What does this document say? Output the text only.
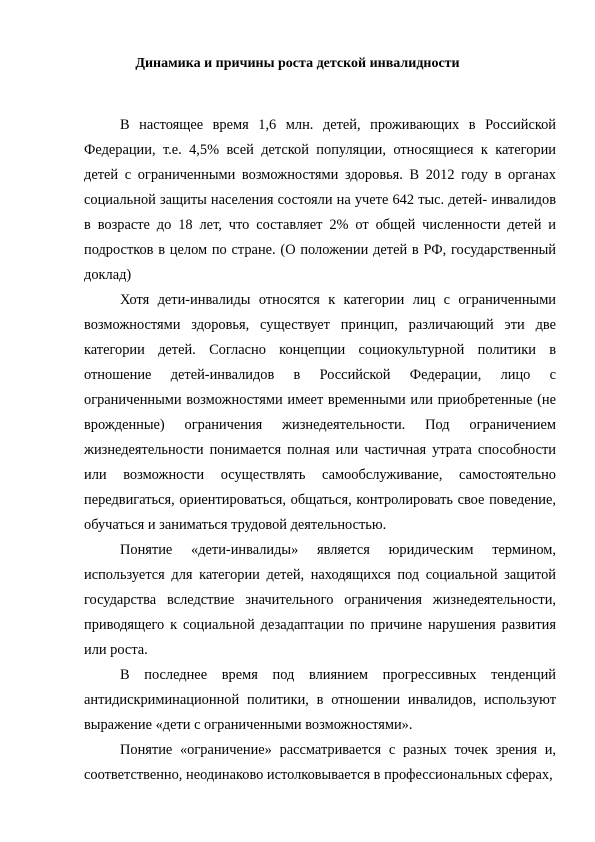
Динамика и причины роста детской инвалидности

В настоящее время 1,6 млн. детей, проживающих в Российской Федерации, т.е. 4,5% всей детской популяции, относящиеся к категории детей с ограниченными возможностями здоровья. В 2012 году в органах социальной защиты населения состояли на учете 642 тыс. детей- инвалидов в возрасте до 18 лет, что составляет 2% от общей численности детей и подростков в целом по стране. (О положении детей в РФ, государственный доклад)

Хотя дети-инвалиды относятся к категории лиц с ограниченными возможностями здоровья, существует принцип, различающий эти две категории детей. Согласно концепции социокультурной политики в отношение детей-инвалидов в Российской Федерации, лицо с ограниченными возможностями имеет временными или приобретенные (не врожденные) ограничения жизнедеятельности. Под ограничением жизнедеятельности понимается полная или частичная утрата способности или возможности осуществлять самообслуживание, самостоятельно передвигаться, ориентироваться, общаться, контролировать свое поведение, обучаться и заниматься трудовой деятельностью.

Понятие «дети-инвалиды» является юридическим термином, используется для категории детей, находящихся под социальной защитой государства вследствие значительного ограничения жизнедеятельности, приводящего к социальной дезадаптации по причине нарушения развития или роста.

В последнее время под влиянием прогрессивных тенденций антидискриминационной политики, в отношении инвалидов, используют выражение «дети с ограниченными возможностями».

Понятие «ограничение» рассматривается с разных точек зрения и, соответственно, неодинаково истолковывается в профессиональных сферах,
